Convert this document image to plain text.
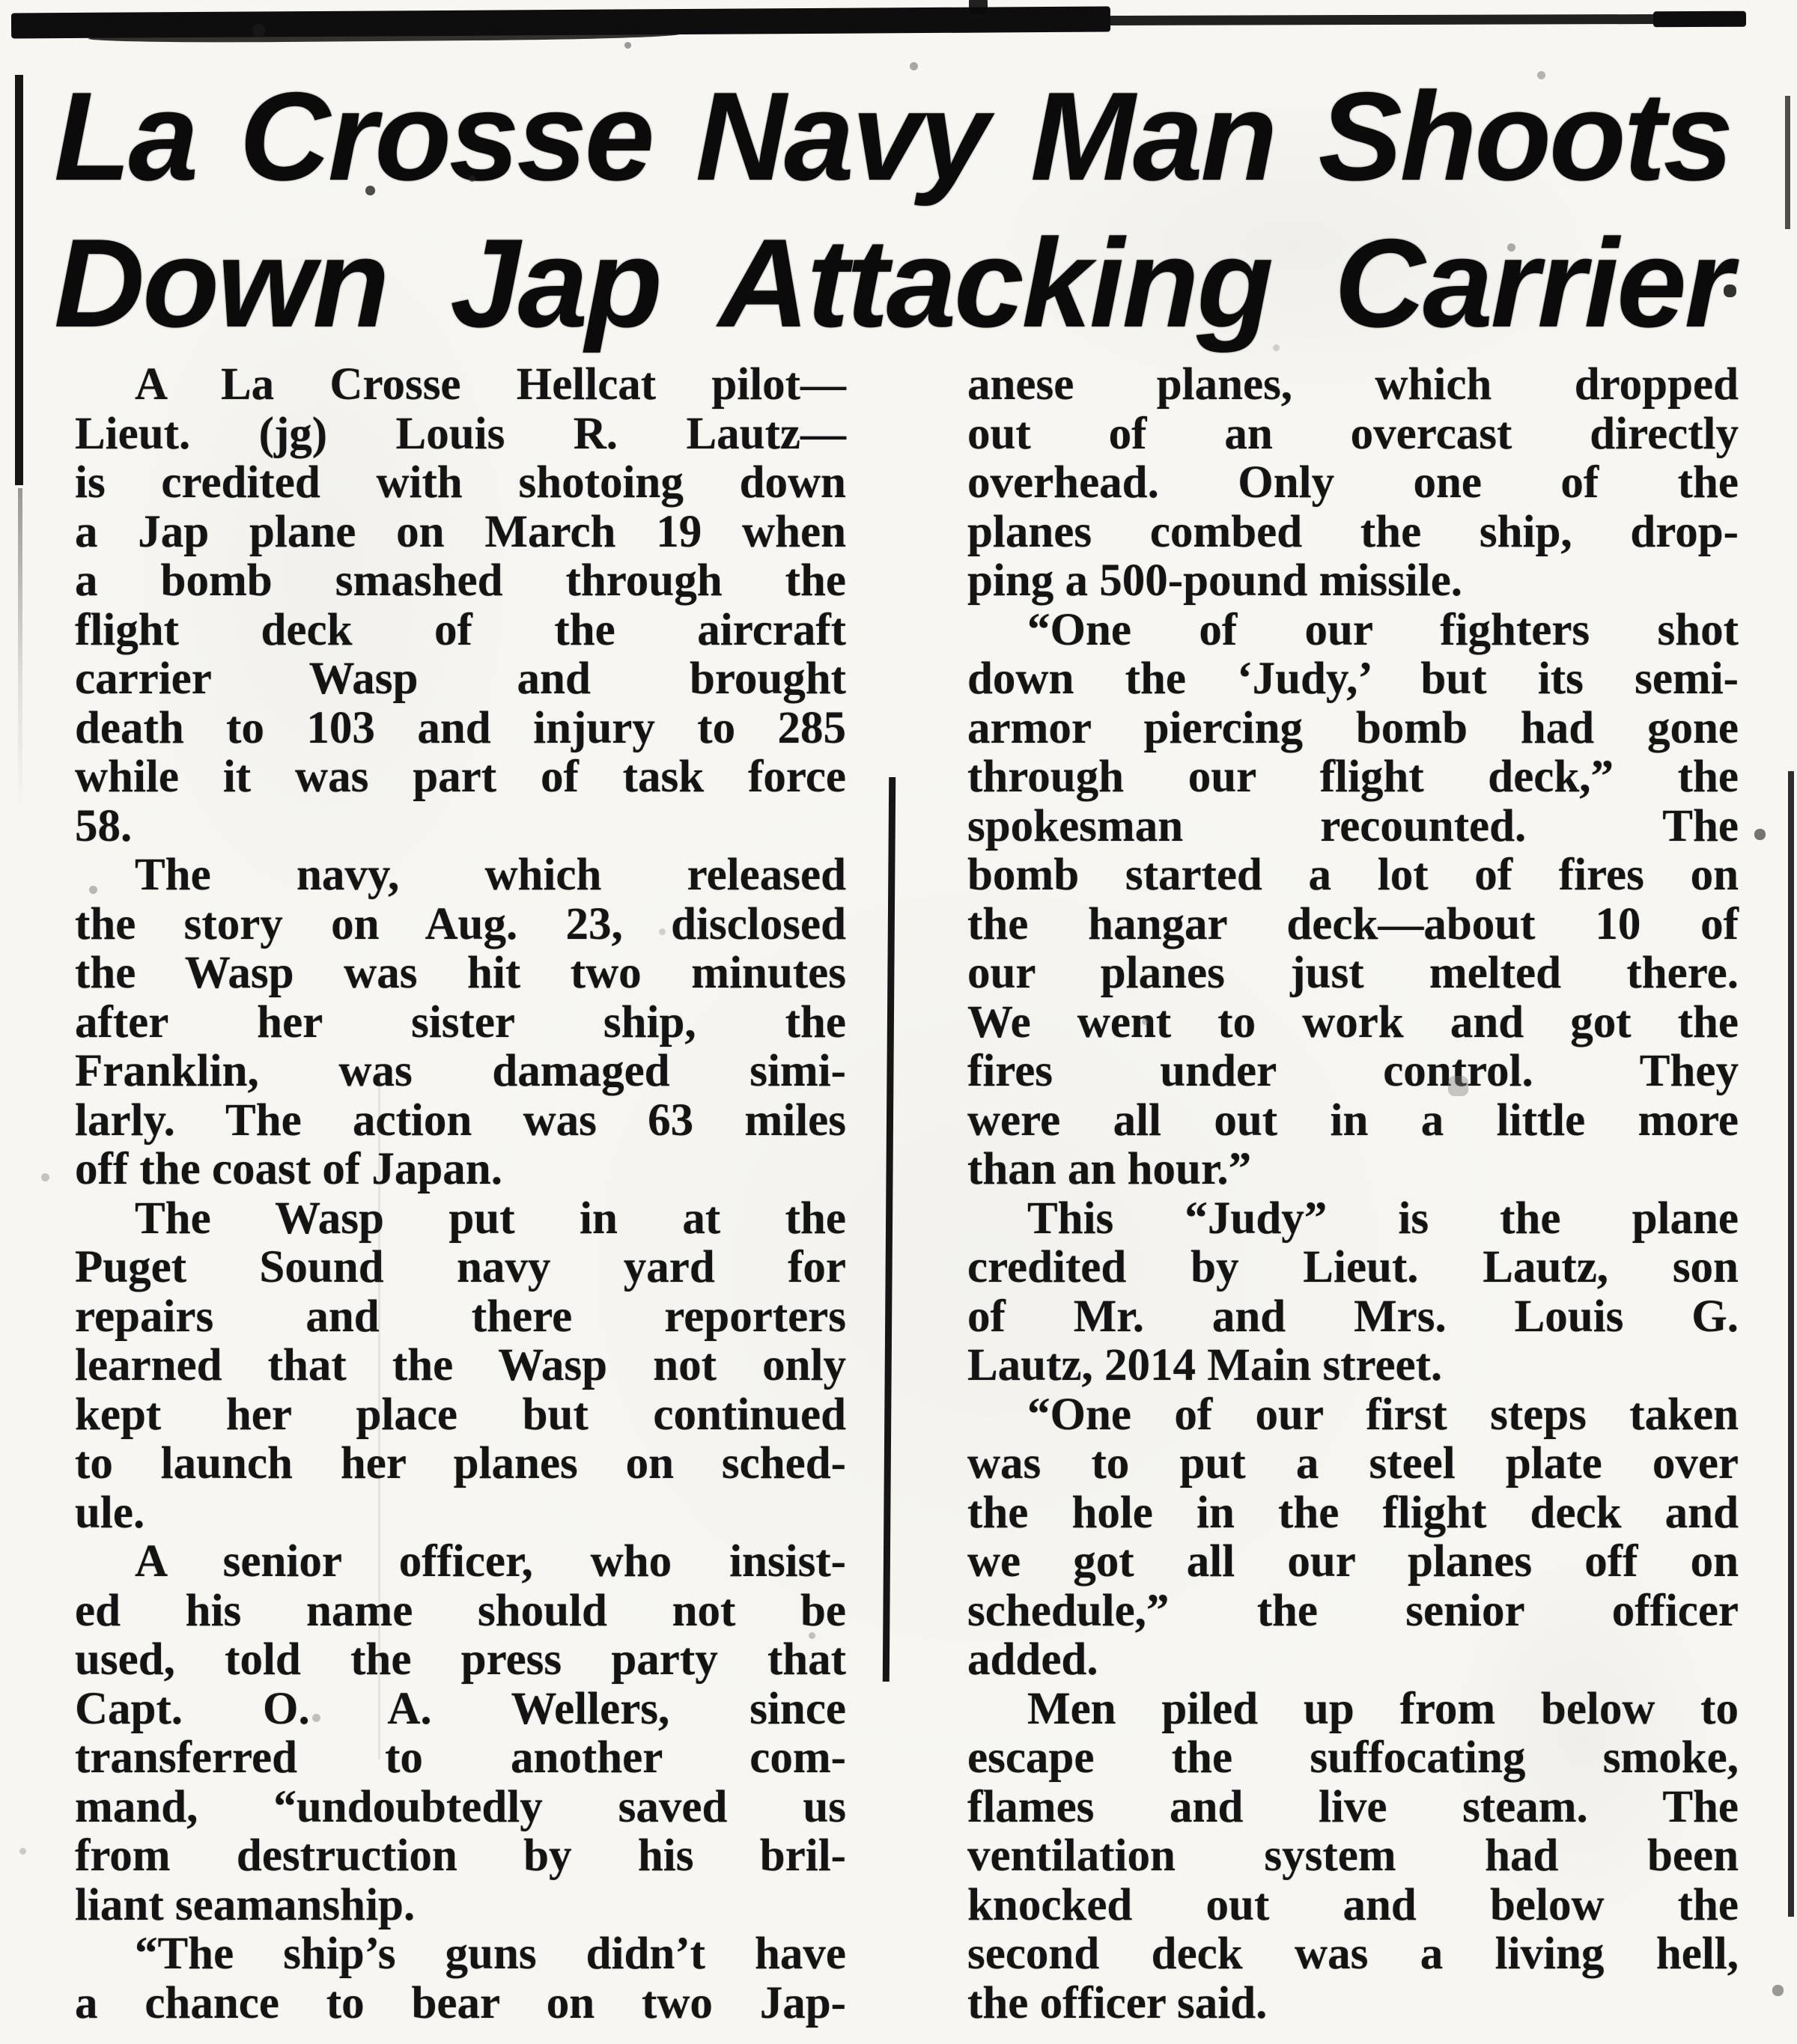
La Crosse Navy Man Shoots
Down Jap Attacking Carrier
A La Crosse Hellcat pilot—
Lieut. (jg) Louis R. Lautz—
is credited with shotoing down
a Jap plane on March 19 when
a bomb smashed through the
flight deck of the aircraft
carrier Wasp and brought
death to 103 and injury to 285
while it was part of task force
58.
The navy, which released
the story on Aug. 23, disclosed
the Wasp was hit two minutes
after her sister ship, the
Franklin, was damaged simi-
larly. The action was 63 miles
off the coast of Japan.
The Wasp put in at the
Puget Sound navy yard for
repairs and there reporters
learned that the Wasp not only
kept her place but continued
to launch her planes on sched-
ule.
A senior officer, who insist-
ed his name should not be
used, told the press party that
Capt. O. A. Wellers, since
transferred to another com-
mand, “undoubtedly saved us
from destruction by his bril-
liant seamanship.
“The ship’s guns didn’t have
a chance to bear on two Jap-
anese planes, which dropped
out of an overcast directly
overhead. Only one of the
planes combed the ship, drop-
ping a 500-pound missile.
“One of our fighters shot
down the ‘Judy,’ but its semi-
armor piercing bomb had gone
through our flight deck,” the
spokesman recounted. The
bomb started a lot of fires on
the hangar deck—about 10 of
our planes just melted there.
We went to work and got the
fires under control. They
were all out in a little more
than an hour.”
This “Judy” is the plane
credited by Lieut. Lautz, son
of Mr. and Mrs. Louis G.
Lautz, 2014 Main street.
“One of our first steps taken
was to put a steel plate over
the hole in the flight deck and
we got all our planes off on
schedule,” the senior officer
added.
Men piled up from below to
escape the suffocating smoke,
flames and live steam. The
ventilation system had been
knocked out and below the
second deck was a living hell,
the officer said.
